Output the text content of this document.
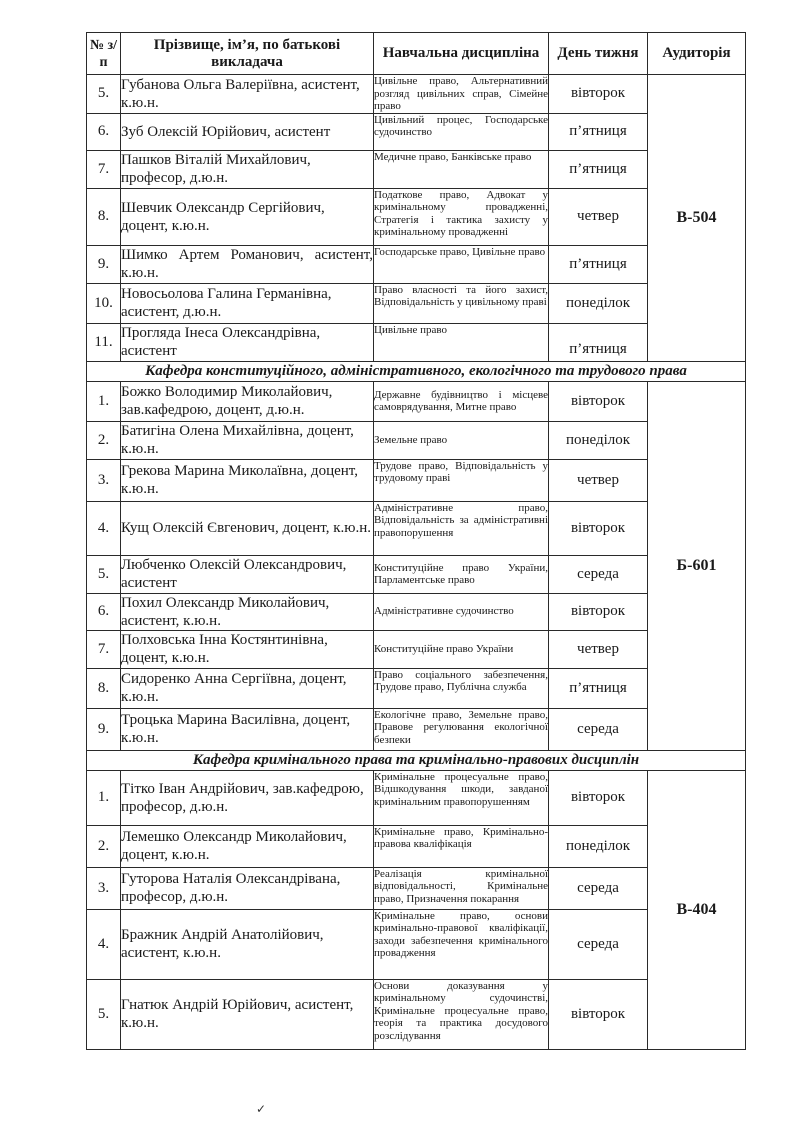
№ з/п	Прізвище, ім’я, по батькові викладача	Навчальна дисципліна	День тижня	Аудиторія
5.	Губанова Ольга Валеріївна, асистент, к.ю.н.	Цивільне право, Альтернативний розгляд цивільних справ, Сімейне право	вівторок	В-504
6.	Зуб Олексій Юрійович, асистент	Цивільний процес, Господарське судочинство	п’ятниця	
7.	Пашков Віталій Михайлович, професор, д.ю.н.	Медичне право, Банківське право	п’ятниця	
8.	Шевчик Олександр Сергійович, доцент, к.ю.н.	Податкове право, Адвокат у кримінальному провадженні, Стратегія і тактика захисту у кримінальному провадженні	четвер	
9.	Шимко Артем Романович, асистент, к.ю.н.	Господарське право, Цивільне право	п’ятниця	
10.	Новосьолова Галина Германівна, асистент, д.ю.н.	Право власності та його захист, Відповідальність у цивільному праві	понеділок	
11.	Прогляда Інеса Олександрівна, асистент	Цивільне право	п’ятниця	
Кафедра конституційного, адміністративного, екологічного та трудового права				
1.	Божко Володимир Миколайович, зав.кафедрою, доцент, д.ю.н.	Державне будівництво і місцеве самоврядування, Митне право	вівторок	Б-601
2.	Батигіна Олена Михайлівна, доцент, к.ю.н.	Земельне право	понеділок	
3.	Грекова Марина Миколаївна, доцент, к.ю.н.	Трудове право, Відповідальність у трудовому праві	четвер	
4.	Кущ Олексій Євгенович, доцент, к.ю.н.	Адміністративне право, Відповідальність за адміністративні правопорушення	вівторок	
5.	Любченко Олексій Олександрович, асистент	Конституційне право України, Парламентське право	середа	
6.	Похил Олександр Миколайович, асистент, к.ю.н.	Адміністративне судочинство	вівторок	
7.	Полховська Інна Костянтинівна, доцент, к.ю.н.	Конституційне право України	четвер	
8.	Сидоренко Анна Сергіївна, доцент, к.ю.н.	Право соціального забезпечення, Трудове право, Публічна служба	п’ятниця	
9.	Троцька Марина Василівна, доцент, к.ю.н.	Екологічне право, Земельне право, Правове регулювання екологічної безпеки	середа	
Кафедра кримінального права та кримінально-правових дисциплін				
1.	Тітко Іван Андрійович, зав.кафедрою, професор, д.ю.н.	Кримінальне процесуальне право, Відшкодування шкоди, завданої кримінальним правопорушенням	вівторок	В-404
2.	Лемешко Олександр Миколайович, доцент, к.ю.н.	Кримінальне право, Кримінально-правова кваліфікація	понеділок	
3.	Гуторова Наталія Олександрівана, професор, д.ю.н.	Реалізація кримінальної відповідальності, Кримінальне право, Призначення покарання	середа	
4.	Бражник Андрій Анатолійович, асистент, к.ю.н.	Кримінальне право, основи кримінально-правової кваліфікації, заходи забезпечення кримінального провадження	середа	
5.	Гнатюк Андрій Юрійович, асистент, к.ю.н.	Основи доказування у кримінальному судочинстві, Кримінальне процесуальне право, теорія та практика досудового розслідування	вівторок	
✓
